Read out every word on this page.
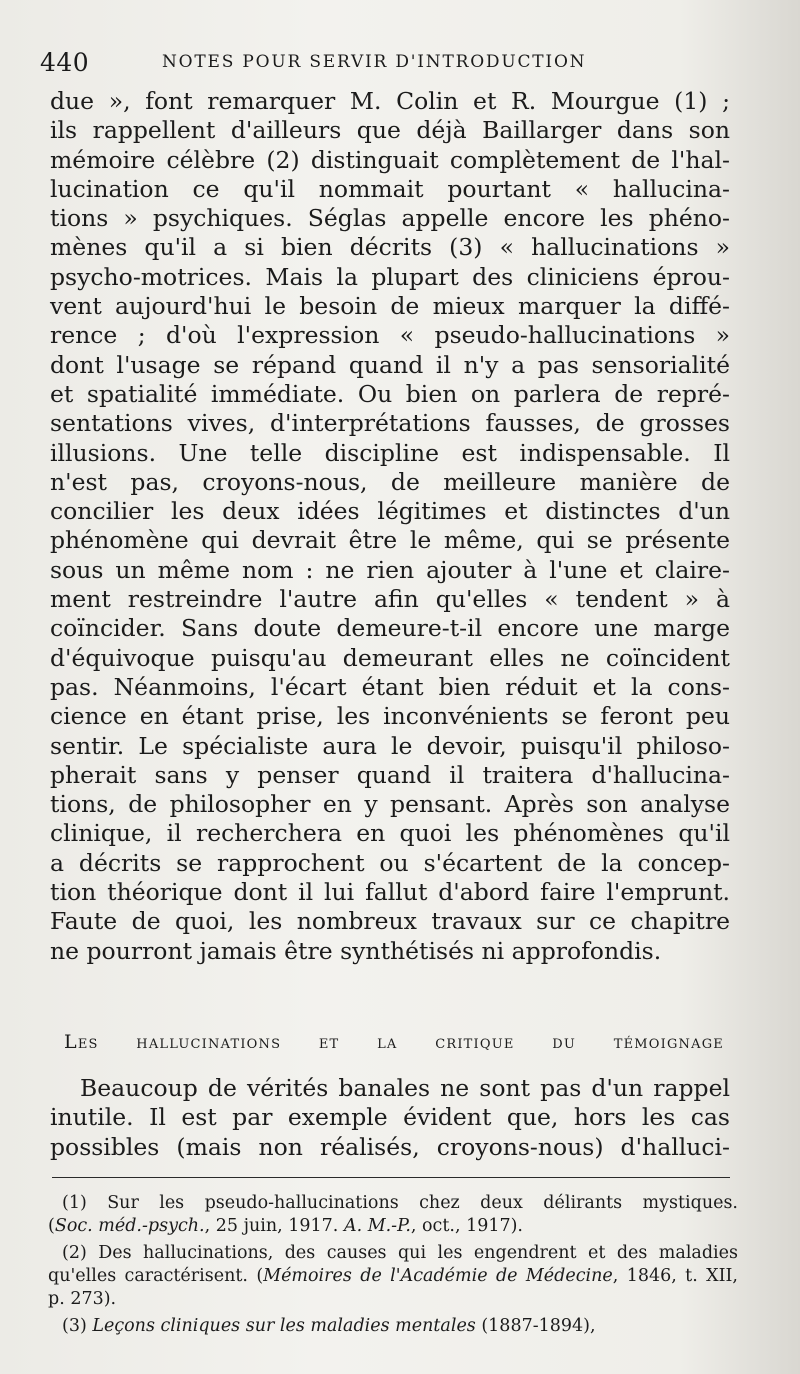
440	NOTES POUR SERVIR D'INTRODUCTION
due », font remarquer M. Colin et R. Mourgue (1) ;
ils rappellent d'ailleurs que déjà Baillarger dans son
mémoire célèbre (2) distinguait complètement de l'hal-
lucination ce qu'il nommait pourtant « hallucina-
tions » psychiques. Séglas appelle encore les phéno-
mènes qu'il a si bien décrits (3) « hallucinations »
psycho-motrices. Mais la plupart des cliniciens éprou-
vent aujourd'hui le besoin de mieux marquer la diffé-
rence ; d'où l'expression « pseudo-hallucinations »
dont l'usage se répand quand il n'y a pas sensorialité
et spatialité immédiate. Ou bien on parlera de repré-
sentations vives, d'interprétations fausses, de grosses
illusions. Une telle discipline est indispensable. Il
n'est pas, croyons-nous, de meilleure manière de
concilier les deux idées légitimes et distinctes d'un
phénomène qui devrait être le même, qui se présente
sous un même nom : ne rien ajouter à l'une et claire-
ment restreindre l'autre afin qu'elles « tendent » à
coïncider. Sans doute demeure-t-il encore une marge
d'équivoque puisqu'au demeurant elles ne coïncident
pas. Néanmoins, l'écart étant bien réduit et la cons-
cience en étant prise, les inconvénients se feront peu
sentir. Le spécialiste aura le devoir, puisqu'il philoso-
pherait sans y penser quand il traitera d'hallucina-
tions, de philosopher en y pensant. Après son analyse
clinique, il recherchera en quoi les phénomènes qu'il
a décrits se rapprochent ou s'écartent de la concep-
tion théorique dont il lui fallut d'abord faire l'emprunt.
Faute de quoi, les nombreux travaux sur ce chapitre
ne pourront jamais être synthétisés ni approfondis.
Les hallucinations et la critique du témoignage
Beaucoup de vérités banales ne sont pas d'un rappel
inutile. Il est par exemple évident que, hors les cas
possibles (mais non réalisés, croyons-nous) d'halluci-
(1) Sur les pseudo-hallucinations chez deux délirants mystiques.
(Soc. méd.-psych., 25 juin, 1917. A. M.-P., oct., 1917).
(2) Des hallucinations, des causes qui les engendrent et des maladies
qu'elles caractérisent. (Mémoires de l'Académie de Médecine, 1846, t. XII,
p. 273).
(3) Leçons cliniques sur les maladies mentales (1887-1894),
